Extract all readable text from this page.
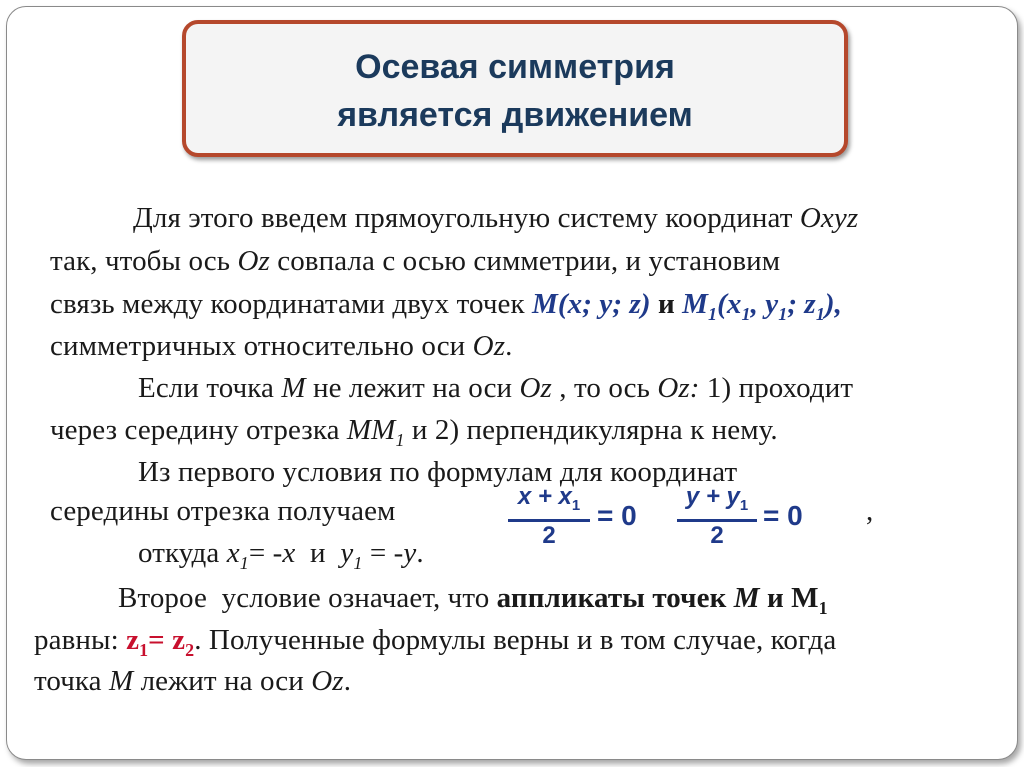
Осевая симметрия
является движением
Для этого введем прямоугольную систему координат Oxyz
так, чтобы ось Oz совпала с осью симметрии, и установим
связь между координатами двух точек M(x; y; z) и $M_1(x_1$, $y_1$; $z_1$),
симметричных относительно оси Oz.
Если точка M не лежит на оси Oz , то ось Oz: 1) проходит
через середину отрезка $MM_1$ и 2) перпендикулярна к нему.
Из первого условия по формулам для координат
середины отрезка получаем	$x + x_1$
2
= 0
$y + y_1$
2
= 0 ,
откуда $x_1= -x$  и  $y_1 = -y$.
Второе  условие означает, что аппликаты точек M и $М_1$
равны: $z_1= z_2$. Полученные формулы верны и в том случае, когда
точка M лежит на оси Oz.
